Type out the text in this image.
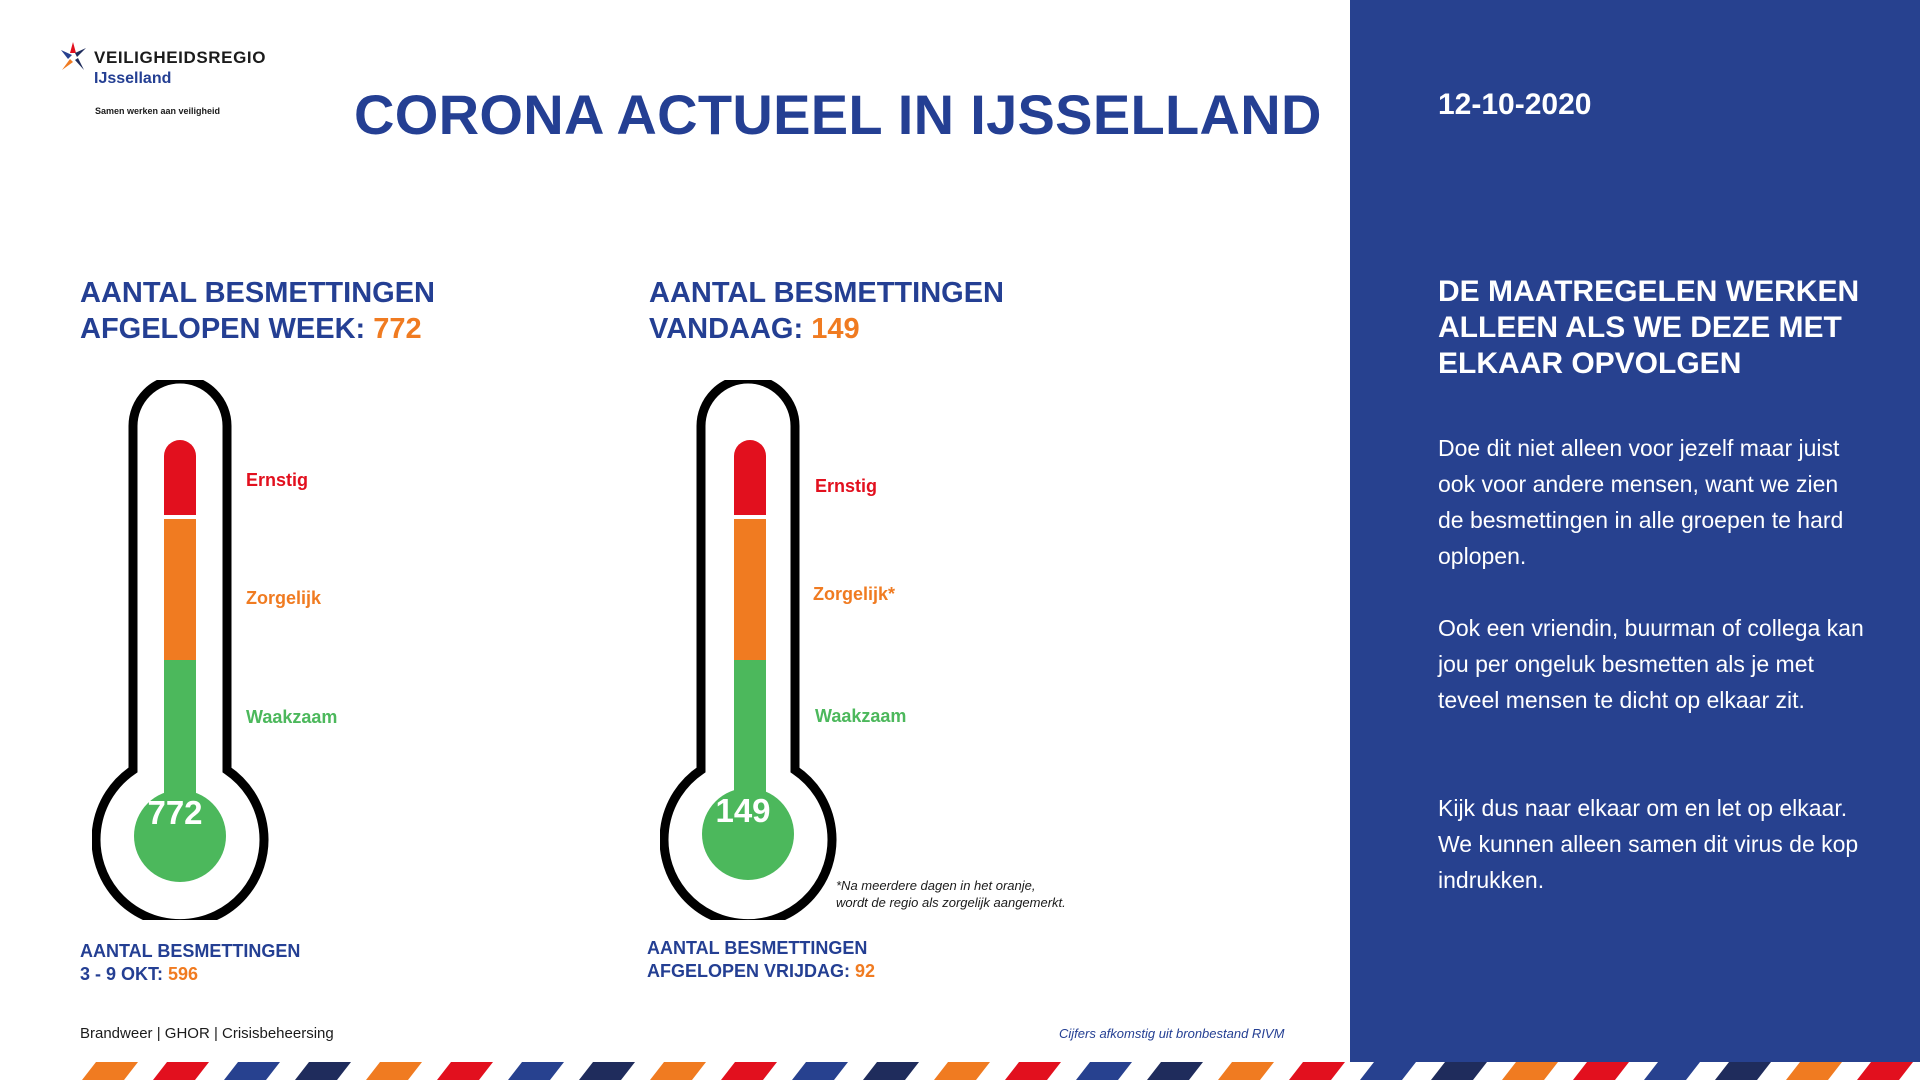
VEILIGHEIDSREGIO
IJsselland
Samen werken aan veiligheid CORONA ACTUEEL IN IJSSELLAND
AANTAL BESMETTINGEN
AFGELOPEN WEEK: 772
772
Ernstig
Zorgelijk
Waakzaam
AANTAL BESMETTINGEN
3 - 9 OKT: 596
AANTAL BESMETTINGEN
VANDAAG: 149
149
Ernstig
Zorgelijk*
Waakzaam
*Na meerdere dagen in het oranje,
wordt de regio als zorgelijk aangemerkt.
AANTAL BESMETTINGEN
AFGELOPEN VRIJDAG: 92
Brandweer | GHOR | Crisisbeheersing	Cijfers afkomstig uit bronbestand RIVM
12-10-2020
DE MAATREGELEN WERKEN ALLEEN ALS WE DEZE MET ELKAAR OPVOLGEN

Doe dit niet alleen voor jezelf maar juist ook voor andere mensen, want we zien de besmettingen in alle groepen te hard oplopen.

Ook een vriendin, buurman of collega kan jou per ongeluk besmetten als je met teveel mensen te dicht op elkaar zit.

Kijk dus naar elkaar om en let op elkaar. We kunnen alleen samen dit virus de kop indrukken.
